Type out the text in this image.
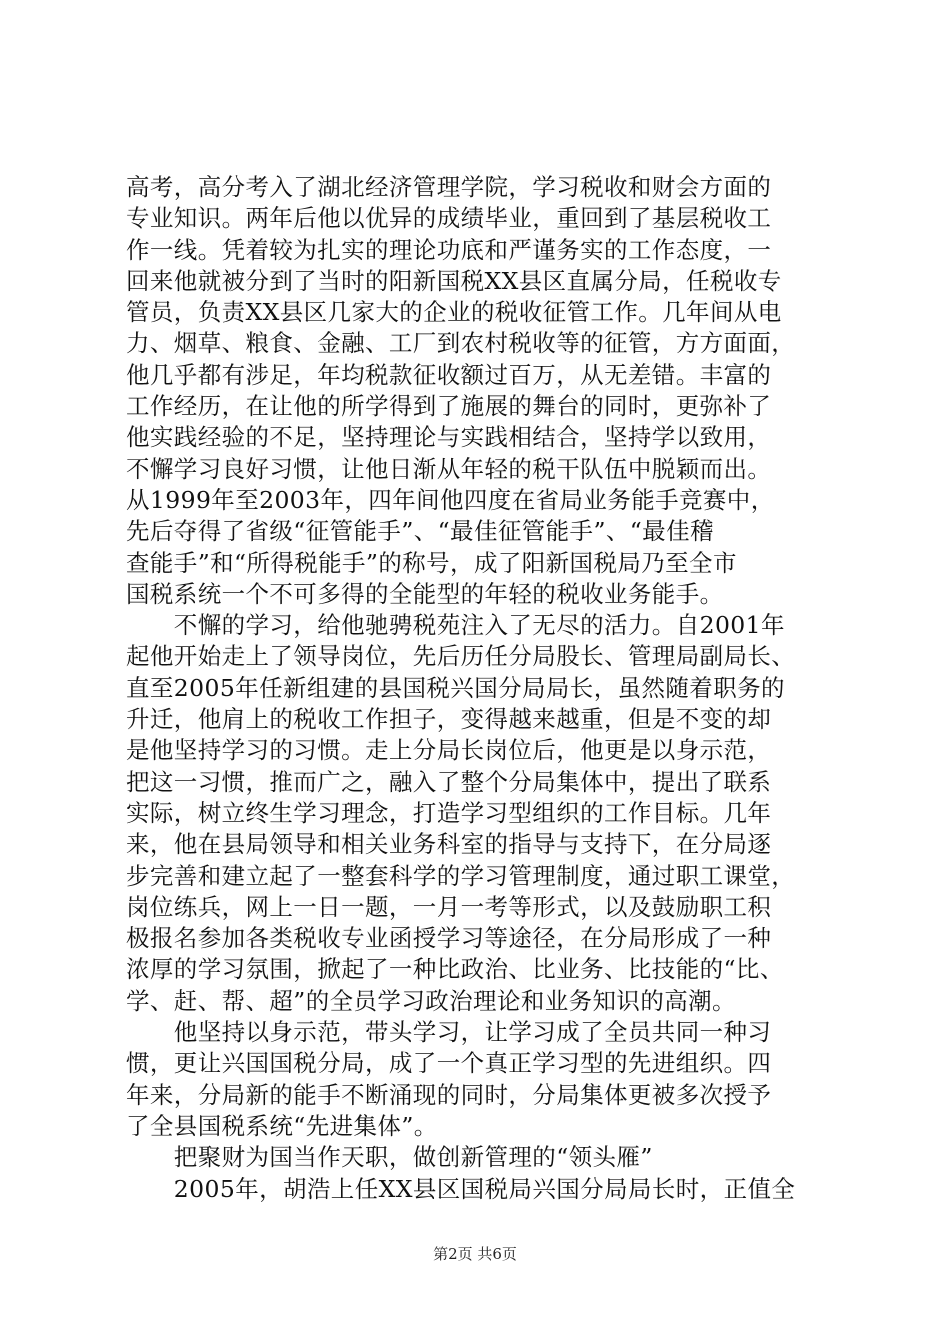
高考，高分考入了湖北经济管理学院，学习税收和财会方面的
专业知识。两年后他以优异的成绩毕业，重回到了基层税收工
作一线。凭着较为扎实的理论功底和严谨务实的工作态度，一
回来他就被分到了当时的阳新国税XX县区直属分局，任税收专
管员，负责XX县区几家大的企业的税收征管工作。几年间从电
力、烟草、粮食、金融、工厂到农村税收等的征管，方方面面，
他几乎都有涉足，年均税款征收额过百万，从无差错。丰富的
工作经历，在让他的所学得到了施展的舞台的同时，更弥补了
他实践经验的不足，坚持理论与实践相结合，坚持学以致用，
不懈学习良好习惯，让他日渐从年轻的税干队伍中脱颖而出。
从1999年至2003年，四年间他四度在省局业务能手竞赛中，
先后夺得了省级“征管能手”、“最佳征管能手”、“最佳稽
查能手”和“所得税能手”的称号，成了阳新国税局乃至全市
国税系统一个不可多得的全能型的年轻的税收业务能手。
　　不懈的学习，给他驰骋税苑注入了无尽的活力。自2001年
起他开始走上了领导岗位，先后历任分局股长、管理局副局长、
直至2005年任新组建的县国税兴国分局局长，虽然随着职务的
升迁，他肩上的税收工作担子，变得越来越重，但是不变的却
是他坚持学习的习惯。走上分局长岗位后，他更是以身示范，
把这一习惯，推而广之，融入了整个分局集体中，提出了联系
实际，树立终生学习理念，打造学习型组织的工作目标。几年
来，他在县局领导和相关业务科室的指导与支持下，在分局逐
步完善和建立起了一整套科学的学习管理制度，通过职工课堂，
岗位练兵，网上一日一题，一月一考等形式，以及鼓励职工积
极报名参加各类税收专业函授学习等途径，在分局形成了一种
浓厚的学习氛围，掀起了一种比政治、比业务、比技能的“比、
学、赶、帮、超”的全员学习政治理论和业务知识的高潮。
　　他坚持以身示范，带头学习，让学习成了全员共同一种习
惯，更让兴国国税分局，成了一个真正学习型的先进组织。四
年来，分局新的能手不断涌现的同时，分局集体更被多次授予
了全县国税系统“先进集体”。
　　把聚财为国当作天职，做创新管理的“领头雁”
　　2005年，胡浩上任XX县区国税局兴国分局局长时，正值全
第2页 共6页
